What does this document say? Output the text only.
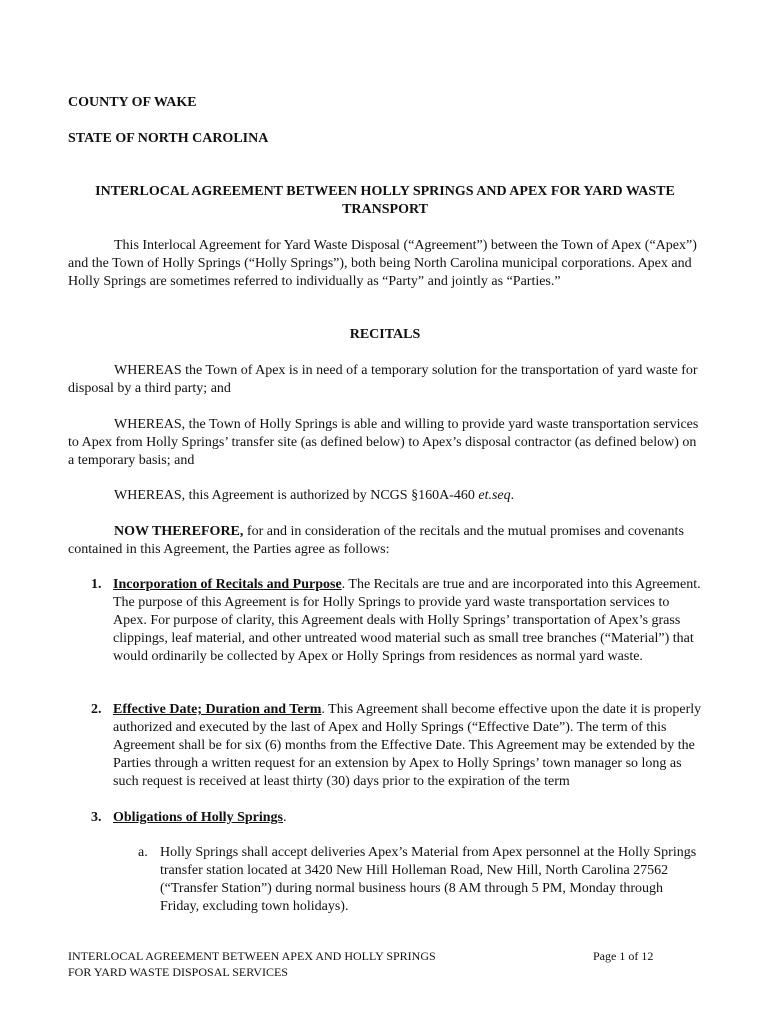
COUNTY OF WAKE

STATE OF NORTH CAROLINA

INTERLOCAL AGREEMENT BETWEEN HOLLY SPRINGS AND APEX FOR YARD WASTE TRANSPORT

This Interlocal Agreement for Yard Waste Disposal (“Agreement”) between the Town of Apex (“Apex”) and the Town of Holly Springs (“Holly Springs”), both being North Carolina municipal corporations. Apex and Holly Springs are sometimes referred to individually as “Party” and jointly as “Parties.”

RECITALS

WHEREAS the Town of Apex is in need of a temporary solution for the transportation of yard waste for disposal by a third party; and

WHEREAS, the Town of Holly Springs is able and willing to provide yard waste transportation services to Apex from Holly Springs’ transfer site (as defined below) to Apex’s disposal contractor (as defined below) on a temporary basis; and

WHEREAS, this Agreement is authorized by NCGS §160A-460 et.seq.

NOW THEREFORE, for and in consideration of the recitals and the mutual promises and covenants contained in this Agreement, the Parties agree as follows:

1. Incorporation of Recitals and Purpose. The Recitals are true and are incorporated into this Agreement. The purpose of this Agreement is for Holly Springs to provide yard waste transportation services to Apex. For purpose of clarity, this Agreement deals with Holly Springs’ transportation of Apex’s grass clippings, leaf material, and other untreated wood material such as small tree branches (“Material”) that would ordinarily be collected by Apex or Holly Springs from residences as normal yard waste.

2. Effective Date; Duration and Term. This Agreement shall become effective upon the date it is properly authorized and executed by the last of Apex and Holly Springs (“Effective Date”). The term of this Agreement shall be for six (6) months from the Effective Date. This Agreement may be extended by the Parties through a written request for an extension by Apex to Holly Springs’ town manager so long as such request is received at least thirty (30) days prior to the expiration of the term

3. Obligations of Holly Springs.

a. Holly Springs shall accept deliveries Apex’s Material from Apex personnel at the Holly Springs transfer station located at 3420 New Hill Holleman Road, New Hill, North Carolina 27562 (“Transfer Station”) during normal business hours (8 AM through 5 PM, Monday through Friday, excluding town holidays).

INTERLOCAL AGREEMENT BETWEEN APEX AND HOLLY SPRINGS
FOR YARD WASTE DISPOSAL SERVICES
Page 1 of 12
